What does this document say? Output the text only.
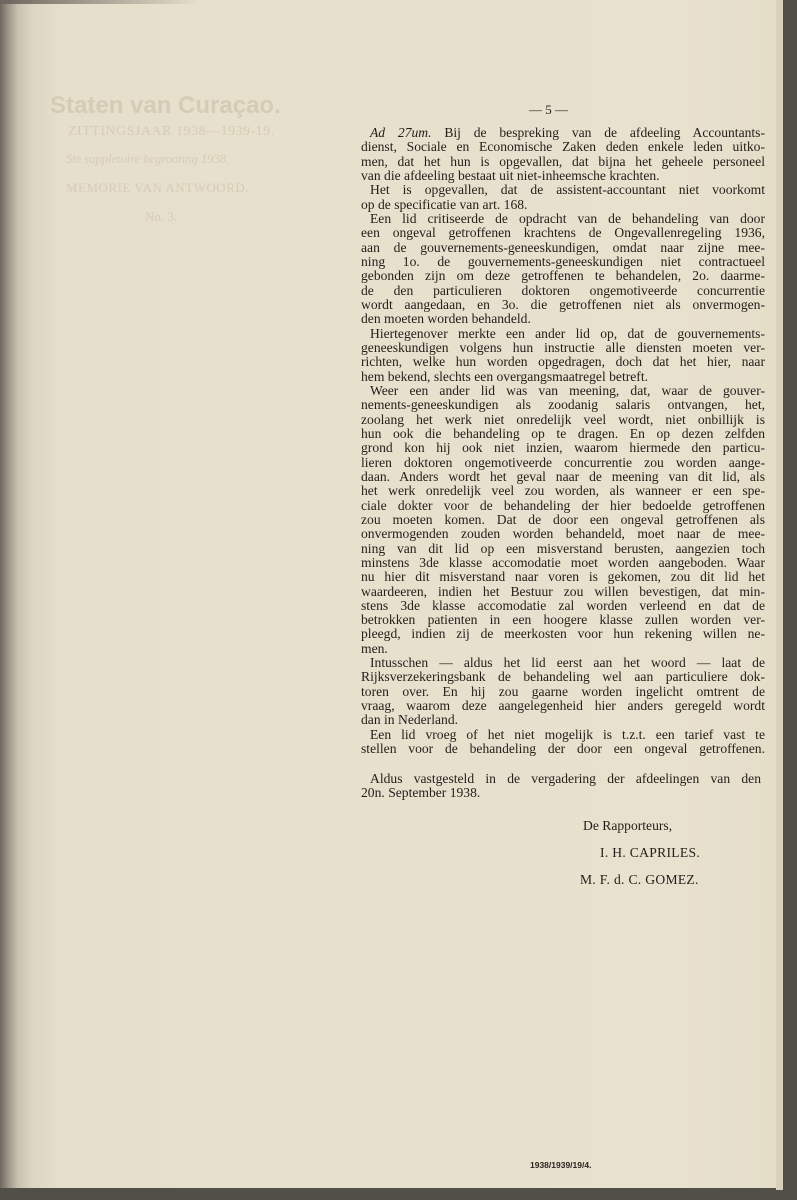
Staten van Curaçao.
ZITTINGSJAAR 1938—1939-19.
Ste suppletoire begrooting 1938.
MEMORIE VAN ANTWOORD.
No. 3.
— 5 —
Ad 27um. Bij de bespreking van de afdeeling Accountants-
dienst, Sociale en Economische Zaken deden enkele leden uitko-
men, dat het hun is opgevallen, dat bijna het geheele personeel
van die afdeeling bestaat uit niet-inheemsche krachten.
Het is opgevallen, dat de assistent-accountant niet voorkomt
op de specificatie van art. 168.
Een lid critiseerde de opdracht van de behandeling van door
een ongeval getroffenen krachtens de Ongevallenregeling 1936,
aan de gouvernements-geneeskundigen, omdat naar zijne mee-
ning 1o. de gouvernements-geneeskundigen niet contractueel
gebonden zijn om deze getroffenen te behandelen, 2o. daarme-
de den particulieren doktoren ongemotiveerde concurrentie
wordt aangedaan, en 3o. die getroffenen niet als onvermogen-
den moeten worden behandeld.
Hiertegenover merkte een ander lid op, dat de gouvernements-
geneeskundigen volgens hun instructie alle diensten moeten ver-
richten, welke hun worden opgedragen, doch dat het hier, naar
hem bekend, slechts een overgangsmaatregel betreft.
Weer een ander lid was van meening, dat, waar de gouver-
nements-geneeskundigen als zoodanig salaris ontvangen, het,
zoolang het werk niet onredelijk veel wordt, niet onbillijk is
hun ook die behandeling op te dragen. En op dezen zelfden
grond kon hij ook niet inzien, waarom hiermede den particu-
lieren doktoren ongemotiveerde concurrentie zou worden aange-
daan. Anders wordt het geval naar de meening van dit lid, als
het werk onredelijk veel zou worden, als wanneer er een spe-
ciale dokter voor de behandeling der hier bedoelde getroffenen
zou moeten komen. Dat de door een ongeval getroffenen als
onvermogenden zouden worden behandeld, moet naar de mee-
ning van dit lid op een misverstand berusten, aangezien toch
minstens 3de klasse accomodatie moet worden aangeboden. Waar
nu hier dit misverstand naar voren is gekomen, zou dit lid het
waardeeren, indien het Bestuur zou willen bevestigen, dat min-
stens 3de klasse accomodatie zal worden verleend en dat de
betrokken patienten in een hoogere klasse zullen worden ver-
pleegd, indien zij de meerkosten voor hun rekening willen ne-
men.
Intusschen — aldus het lid eerst aan het woord — laat de
Rijksverzekeringsbank de behandeling wel aan particuliere dok-
toren over. En hij zou gaarne worden ingelicht omtrent de
vraag, waarom deze aangelegenheid hier anders geregeld wordt
dan in Nederland.
Een lid vroeg of het niet mogelijk is t.z.t. een tarief vast te
stellen voor de behandeling der door een ongeval getroffenen.
Aldus vastgesteld in de vergadering der afdeelingen van den
20n. September 1938.
De Rapporteurs,
I. H. CAPRILES.
M. F. d. C. GOMEZ.
1938/1939/19/4.
